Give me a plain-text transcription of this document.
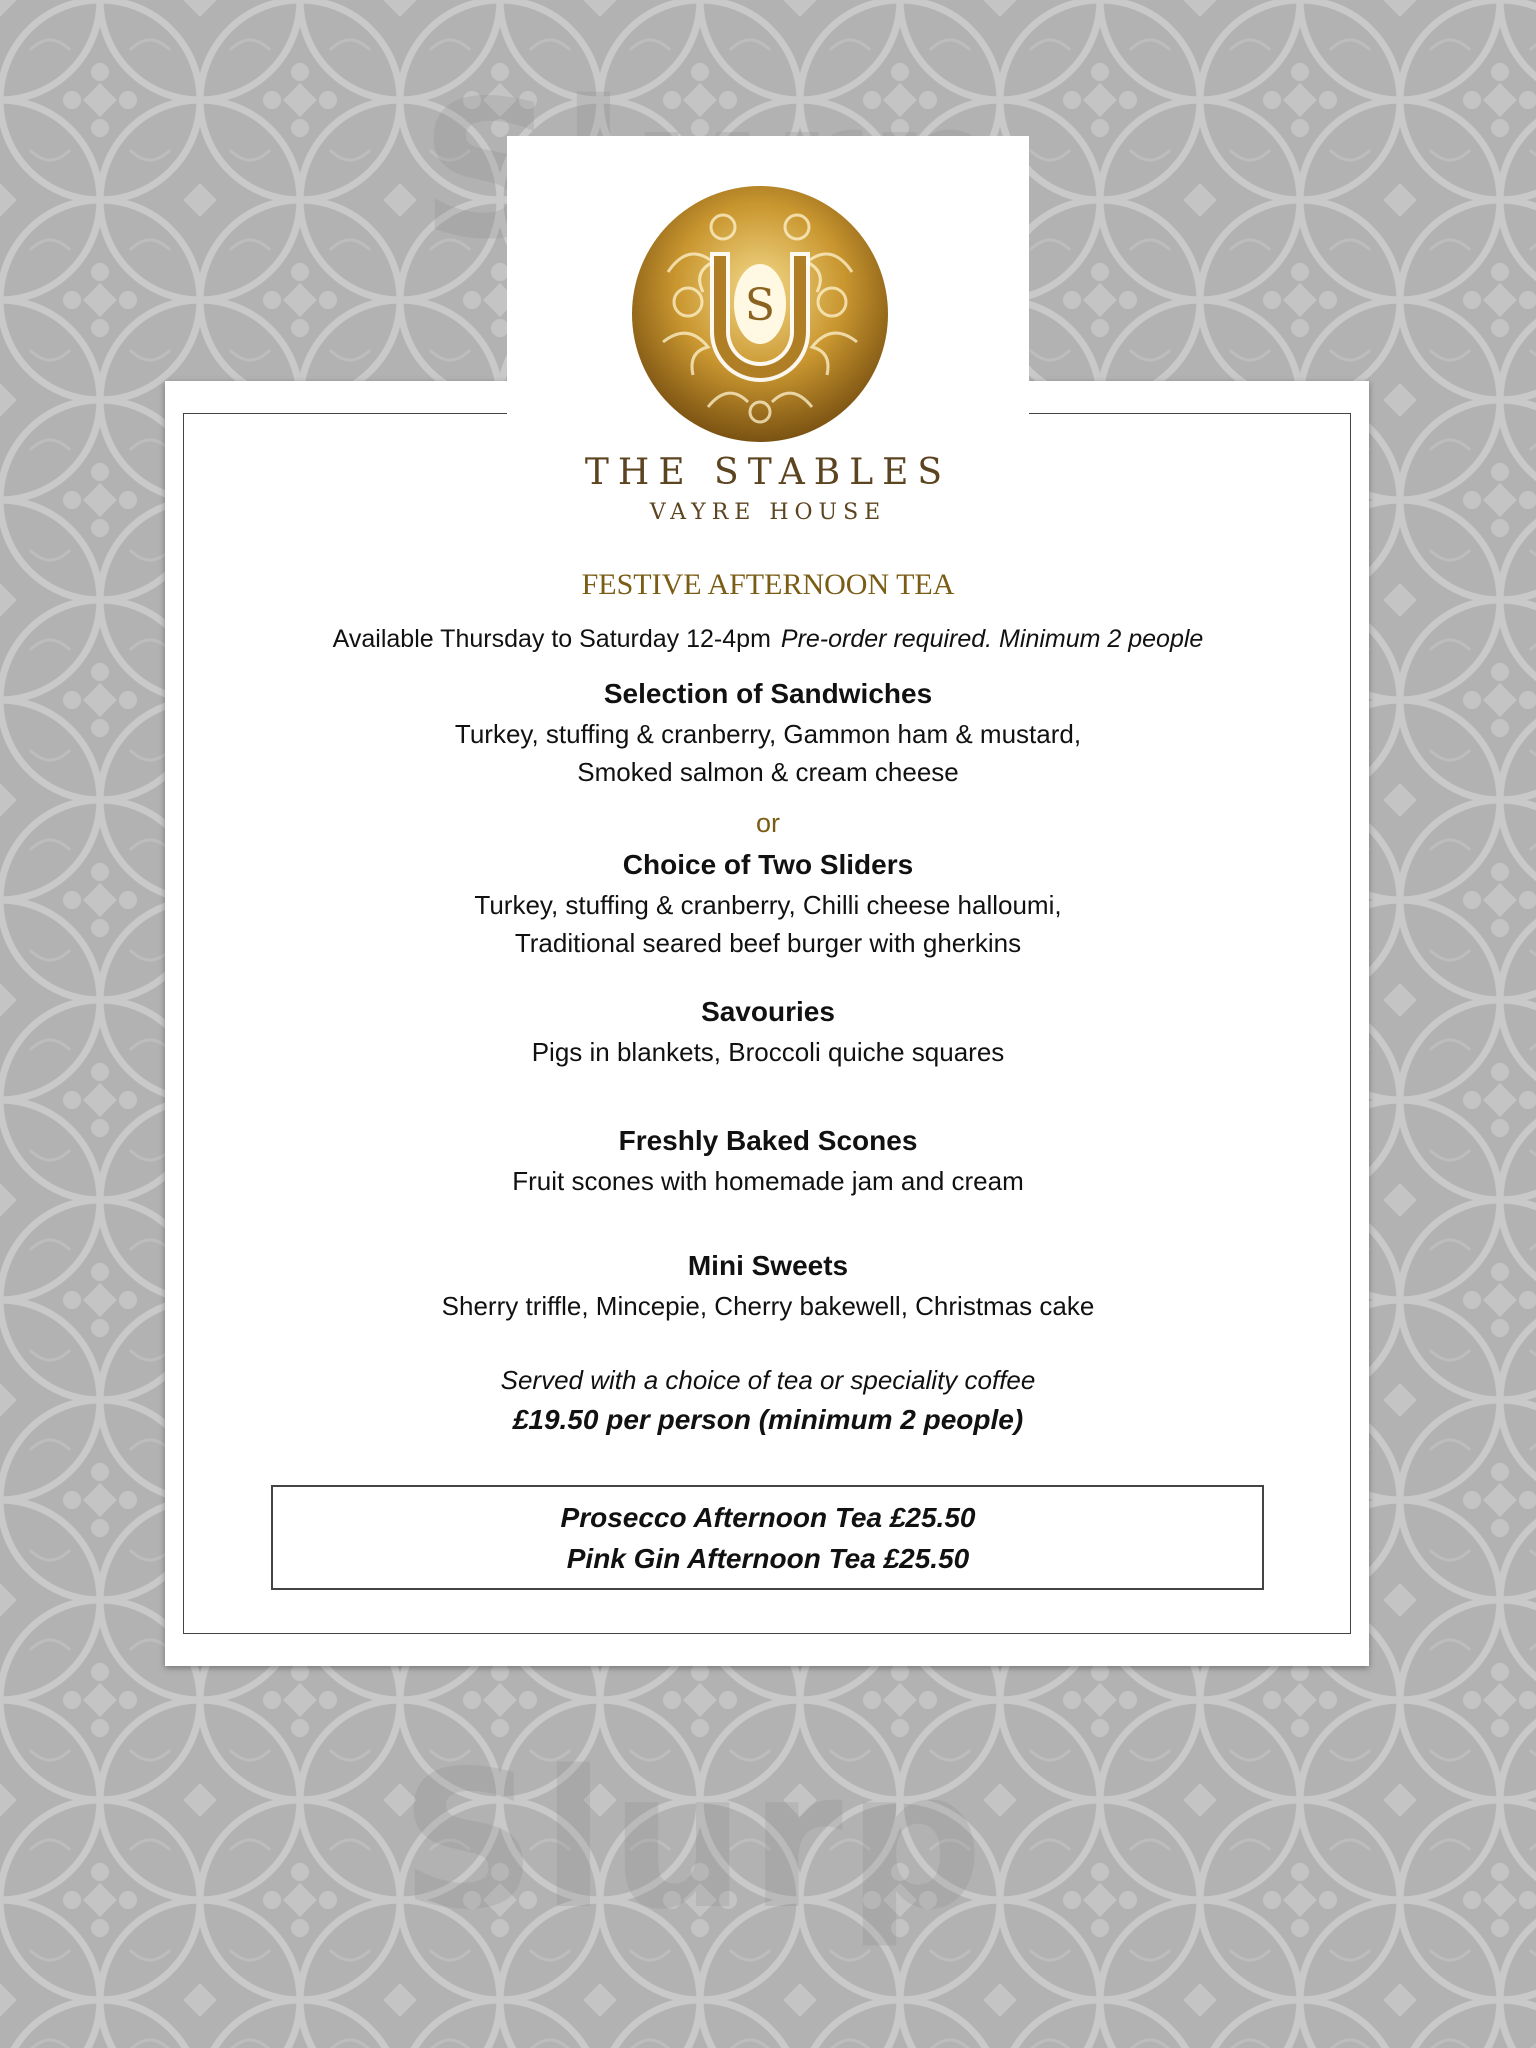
S
THE STABLES
VAYRE HOUSE
FESTIVE AFTERNOON TEA
Available Thursday to Saturday 12-4pm Pre-order required. Minimum 2 people
Selection of Sandwiches
Turkey, stuffing & cranberry, Gammon ham & mustard,
Smoked salmon & cream cheese
or
Choice of Two Sliders
Turkey, stuffing & cranberry, Chilli cheese halloumi,
Traditional seared beef burger with gherkins
Savouries
Pigs in blankets, Broccoli quiche squares
Freshly Baked Scones
Fruit scones with homemade jam and cream
Mini Sweets
Sherry triffle, Mincepie, Cherry bakewell, Christmas cake
Served with a choice of tea or speciality coffee
£19.50 per person (minimum 2 people)
Prosecco Afternoon Tea £25.50
Pink Gin Afternoon Tea £25.50
